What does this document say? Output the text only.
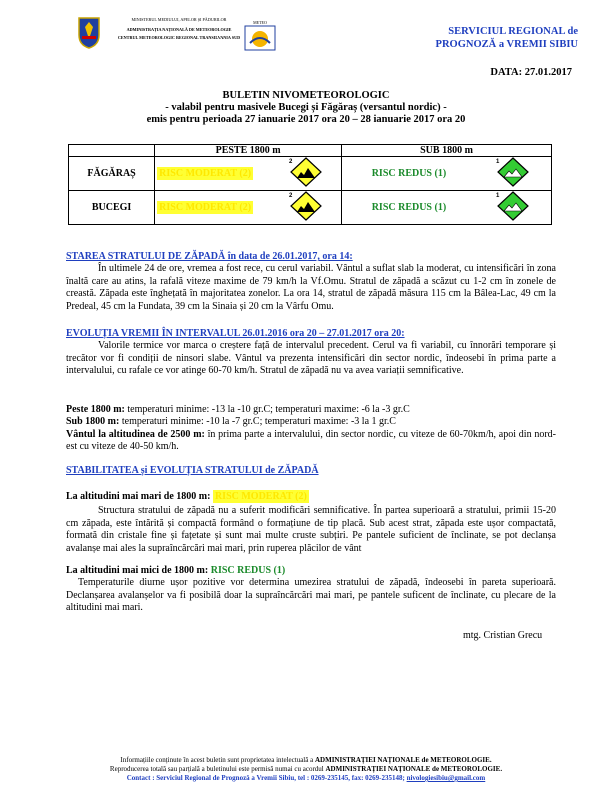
MINISTERUL MEDIULUI, APELOR ȘI PĂDURILOR
ADMINISTRAȚIA NAȚIONALĂ DE METEOROLOGIE
CENTRUL METEOROLOGIC REGIONAL TRANSILVANIA SUD
METEO
SERVICIUL REGIONAL de
PROGNOZĂ a VREMII SIBIU
DATA: 27.01.2017
BULETIN NIVOMETEOROLOGIC
- valabil pentru masivele Bucegi și Făgăraș (versantul nordic) -
emis pentru perioada 27 ianuarie 2017 ora 20 – 28 ianuarie 2017 ora 20
	PESTE 1800 m		SUB 1800 m	
FĂGĂRAȘ	RISC MODERAT (2)	2	RISC REDUS (1)	1

BUCEGI	RISC MODERAT (2)	2	RISC REDUS (1)	1
STAREA STRATULUI DE ZĂPADĂ în data de 26.01.2017, ora 14:
În ultimele 24 de ore, vremea a fost rece, cu cerul variabil. Vântul a suflat slab la moderat, cu intensificări în zona înaltă care au atins, la rafală viteze maxime de 79 km/h la Vf.Omu. Stratul de zăpadă a scăzut cu 1-2 cm în zonele de creastă. Zăpada este înghețată în majoritatea zonelor. La ora 14, stratul de zăpadă măsura 115 cm la Bâlea-Lac, 49 cm la Predeal, 45 cm la Fundata, 39 cm la Sinaia și 20 cm la Vârfu Omu.
EVOLUȚIA VREMII ÎN INTERVALUL 26.01.2016 ora 20 – 27.01.2017 ora 20:
Valorile termice vor marca o creștere față de intervalul precedent. Cerul va fi variabil, cu înnorări temporare și trecător vor fi condiții de ninsori slabe. Vântul va prezenta intensificări din sector nordic, îndeosebi în prima parte a intervalului, cu rafale ce vor atinge 60-70 km/h. Stratul de zăpadă nu va avea variații semnificative.
Peste 1800 m: temperaturi minime: -13 la -10 gr.C; temperaturi maxime: -6 la -3 gr.C
Sub 1800 m: temperaturi minime: -10 la -7 gr.C; temperaturi maxime: -3 la 1 gr.C
Vântul la altitudinea de 2500 m: în prima parte a intervalului, din sector nordic, cu viteze de 60-70km/h, apoi din nord-est cu viteze de 40-50 km/h.
STABILITATEA și EVOLUȚIA STRATULUI de ZĂPADĂ
La altitudini mai mari de 1800 m: RISC MODERAT (2)
Structura stratului de zăpadă nu a suferit modificări semnificative. În partea superioară a stratului, primii 15-20 cm zăpada, este întărită și compactă formând o formațiune de tip placă. Sub acest strat, zăpada este ușor compactată, formată din cristale fine și fațetate și sunt mai multe cruste subțiri. Pe pantele suficient de înclinate, se pot declanșa avalanșe mai ales la supraîncărcări mai mari, prin ruperea plăcilor de vânt
La altitudini mai mici de 1800 m: RISC REDUS (1)
Temperaturile diurne ușor pozitive vor determina umezirea stratului de zăpadă, îndeosebi în pareta superioară. Declanșarea avalanșelor va fi posibilă doar la supraîncărcări mai mari, pe pantele suficent de înclinate, cu plecare de la altitudini mai mari.
mtg. Cristian Grecu
Informațiile conținute în acest buletin sunt proprietatea intelectuală a ADMINISTRAȚIEI NAȚIONALE de METEOROLOGIE.
Reproducerea totală sau parțială a buletinului este permisă numai cu acordul ADMINISTRAȚIEI NAȚIONALE de METEOROLOGIE.
Contact : Serviciul Regional de Prognoză a Vremii Sibiu, tel : 0269-235145, fax: 0269-235148; nivologiesibiu@gmail.com
